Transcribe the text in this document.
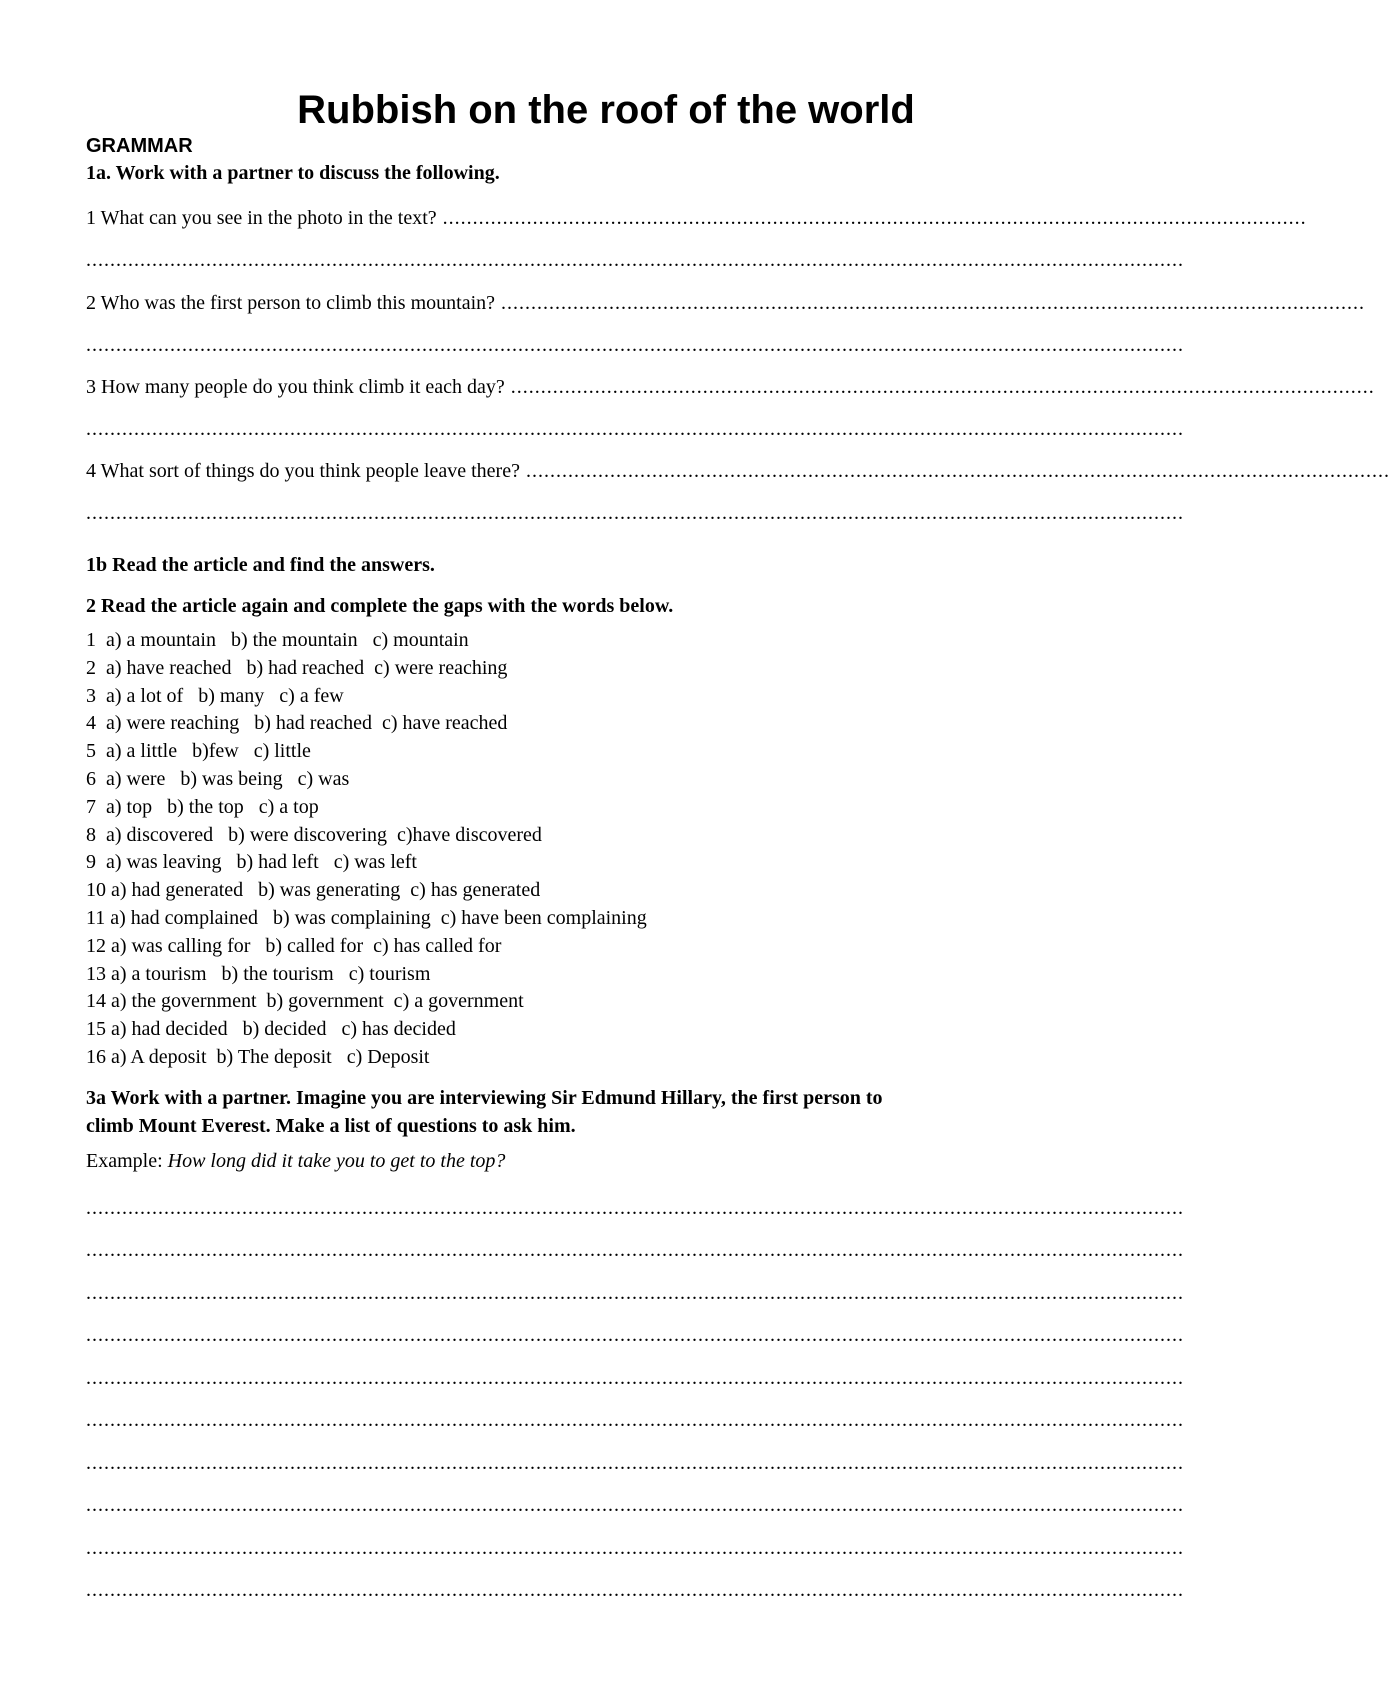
Rubbish on the roof of the world
GRAMMAR
1a. Work with a partner to discuss the following.
1 What can you see in the photo in the text? ................................................................................................................................................
.......................................................................................................................................................................................
2 Who was the first person to climb this mountain? ................................................................................................................................................
.......................................................................................................................................................................................
3 How many people do you think climb it each day? ................................................................................................................................................
.......................................................................................................................................................................................
4 What sort of things do you think people leave there? ................................................................................................................................................
.......................................................................................................................................................................................
1b Read the article and find the answers.
2 Read the article again and complete the gaps with the words below.
1  a) a mountain   b) the mountain   c) mountain
2  a) have reached   b) had reached  c) were reaching
3  a) a lot of   b) many   c) a few
4  a) were reaching   b) had reached  c) have reached
5  a) a little   b)few   c) little
6  a) were   b) was being   c) was
7  a) top   b) the top   c) a top
8  a) discovered   b) were discovering  c)have discovered
9  a) was leaving   b) had left   c) was left
10 a) had generated   b) was generating  c) has generated
11 a) had complained   b) was complaining  c) have been complaining
12 a) was calling for   b) called for  c) has called for
13 a) a tourism   b) the tourism   c) tourism
14 a) the government  b) government  c) a government
15 a) had decided   b) decided   c) has decided
16 a) A deposit  b) The deposit   c) Deposit
3a Work with a partner. Imagine you are interviewing Sir Edmund Hillary, the first person to
climb Mount Everest. Make a list of questions to ask him.
Example: How long did it take you to get to the top?
.......................................................................................................................................................................................
.......................................................................................................................................................................................
.......................................................................................................................................................................................
.......................................................................................................................................................................................
.......................................................................................................................................................................................
.......................................................................................................................................................................................
.......................................................................................................................................................................................
.......................................................................................................................................................................................
.......................................................................................................................................................................................
.......................................................................................................................................................................................
